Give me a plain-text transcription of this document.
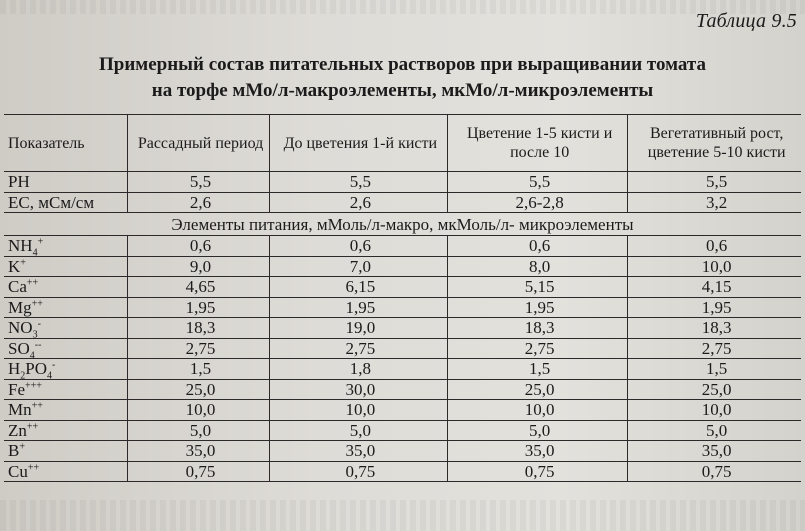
Таблица 9.5
Примерный состав питательных растворов при выращивании томата
на торфе мМо/л-макроэлементы, мкМо/л-микроэлементы
Показатель	Рассадный период	До цветения 1-й кисти	Цветение 1-5 кисти и после 10	Вегетативный рост, цветение 5-10 кисти
PH	5,5	5,5	5,5	5,5
EC, мСм/см	2,6	2,6	2,6-2,8	3,2
Элементы питания, мМоль/л-макро, мкМоль/л- микроэлементы				
$NH_4^+$	0,6	0,6	0,6	0,6
K+	9,0	7,0	8,0	10,0
Ca++	4,65	6,15	5,15	4,15
Mg++	1,95	1,95	1,95	1,95
$NO_3^-$	18,3	19,0	18,3	18,3
$SO_4^{--}$	2,75	2,75	2,75	2,75
$H_2PO_4^-$	1,5	1,8	1,5	1,5
Fe+++	25,0	30,0	25,0	25,0
Mn++	10,0	10,0	10,0	10,0
Zn++	5,0	5,0	5,0	5,0
B+	35,0	35,0	35,0	35,0
Cu++	0,75	0,75	0,75	0,75
